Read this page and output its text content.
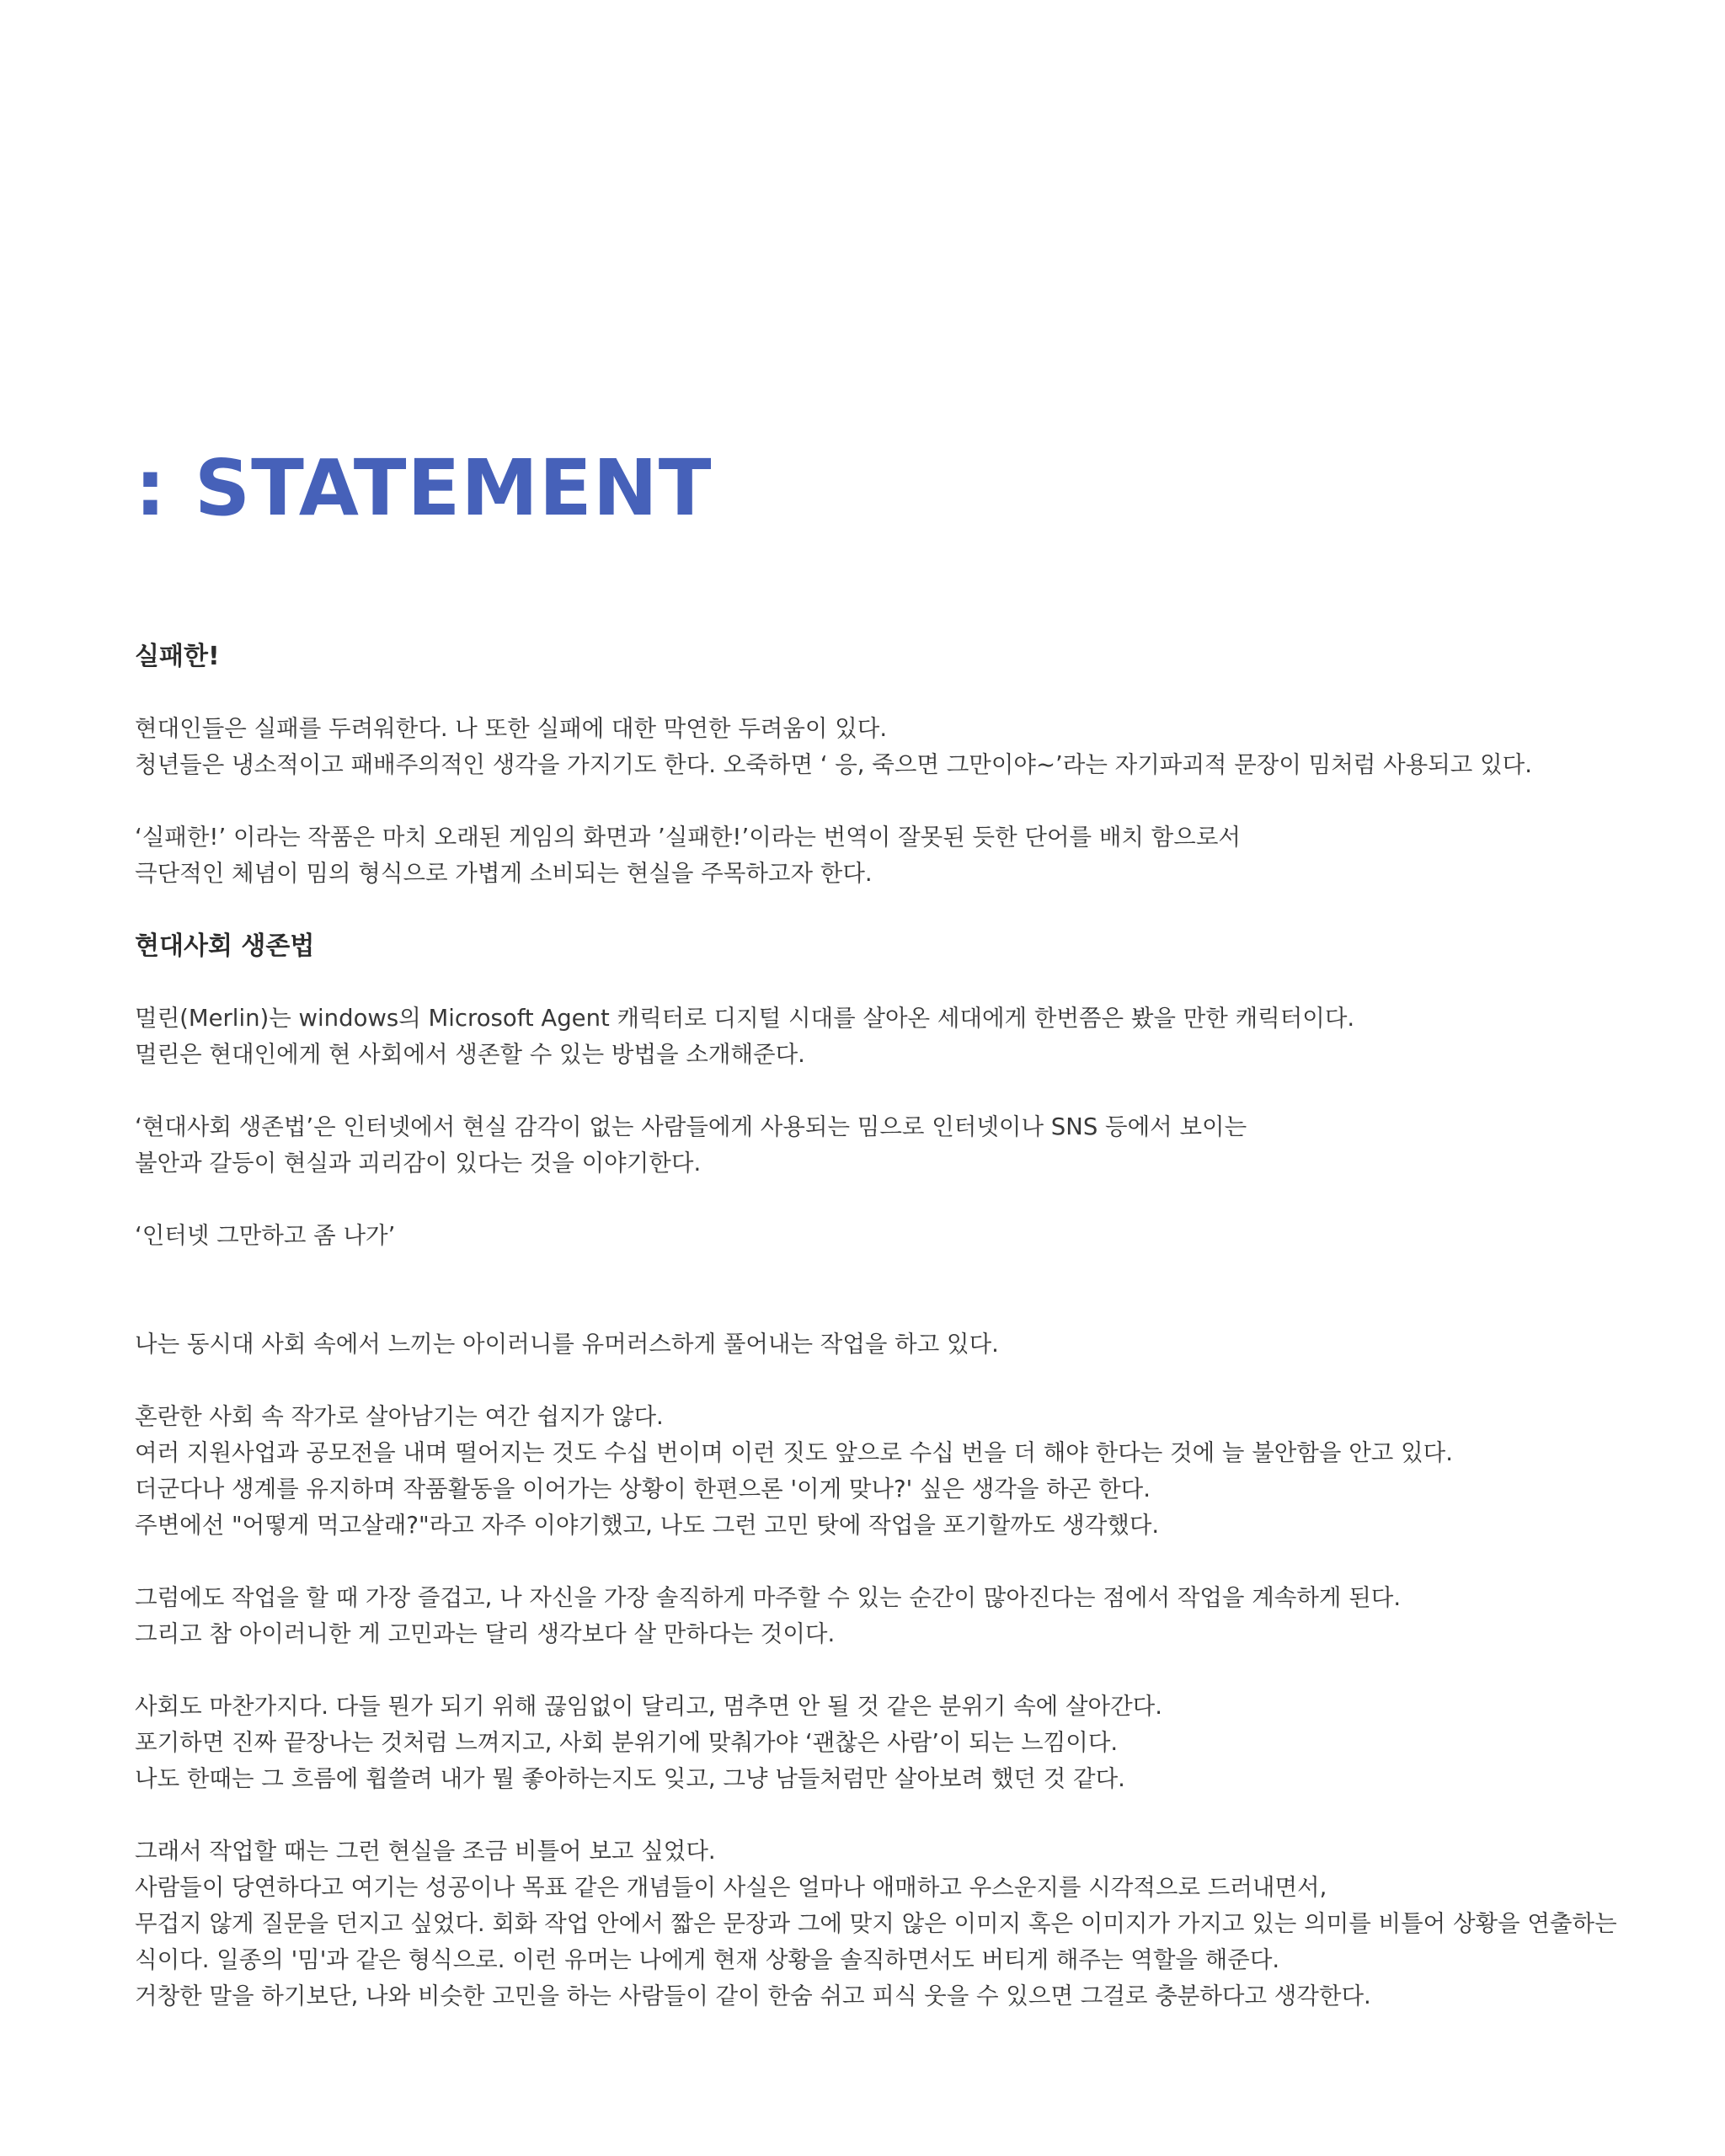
: STATEMENT
실패한!

현대인들은 실패를 두려워한다. 나 또한 실패에 대한 막연한 두려움이 있다.

청년들은 냉소적이고 패배주의적인 생각을 가지기도 한다. 오죽하면 ‘ 응, 죽으면 그만이야~’라는 자기파괴적 문장이 밈처럼 사용되고 있다.

‘실패한!’ 이라는 작품은 마치 오래된 게임의 화면과 ’실패한!’이라는 번역이 잘못된 듯한 단어를 배치 함으로서

극단적인 체념이 밈의 형식으로 가볍게 소비되는 현실을 주목하고자 한다.

현대사회 생존법

멀린(Merlin)는 windows의 Microsoft Agent 캐릭터로 디지털 시대를 살아온 세대에게 한번쯤은 봤을 만한 캐릭터이다.

멀린은 현대인에게 현 사회에서 생존할 수 있는 방법을 소개해준다.

‘현대사회 생존법’은 인터넷에서 현실 감각이 없는 사람들에게 사용되는 밈으로 인터넷이나 SNS 등에서 보이는

불안과 갈등이 현실과 괴리감이 있다는 것을 이야기한다.

‘인터넷 그만하고 좀 나가’

나는 동시대 사회 속에서 느끼는 아이러니를 유머러스하게 풀어내는 작업을 하고 있다.

혼란한 사회 속 작가로 살아남기는 여간 쉽지가 않다.

여러 지원사업과 공모전을 내며 떨어지는 것도 수십 번이며 이런 짓도 앞으로 수십 번을 더 해야 한다는 것에 늘 불안함을 안고 있다.

더군다나 생계를 유지하며 작품활동을 이어가는 상황이 한편으론 '이게 맞나?' 싶은 생각을 하곤 한다.

주변에선 "어떻게 먹고살래?"라고 자주 이야기했고, 나도 그런 고민 탓에 작업을 포기할까도 생각했다.

그럼에도 작업을 할 때 가장 즐겁고, 나 자신을 가장 솔직하게 마주할 수 있는 순간이 많아진다는 점에서 작업을 계속하게 된다.

그리고 참 아이러니한 게 고민과는 달리 생각보다 살 만하다는 것이다.

사회도 마찬가지다. 다들 뭔가 되기 위해 끊임없이 달리고, 멈추면 안 될 것 같은 분위기 속에 살아간다.

포기하면 진짜 끝장나는 것처럼 느껴지고, 사회 분위기에 맞춰가야 ‘괜찮은 사람’이 되는 느낌이다.

나도 한때는 그 흐름에 휩쓸려 내가 뭘 좋아하는지도 잊고, 그냥 남들처럼만 살아보려 했던 것 같다.

그래서 작업할 때는 그런 현실을 조금 비틀어 보고 싶었다.

사람들이 당연하다고 여기는 성공이나 목표 같은 개념들이 사실은 얼마나 애매하고 우스운지를 시각적으로 드러내면서,

무겁지 않게 질문을 던지고 싶었다. 회화 작업 안에서 짧은 문장과 그에 맞지 않은 이미지 혹은 이미지가 가지고 있는 의미를 비틀어 상황을 연출하는

식이다. 일종의 '밈'과 같은 형식으로. 이런 유머는 나에게 현재 상황을 솔직하면서도 버티게 해주는 역할을 해준다.

거창한 말을 하기보단, 나와 비슷한 고민을 하는 사람들이 같이 한숨 쉬고 피식 웃을 수 있으면 그걸로 충분하다고 생각한다.
